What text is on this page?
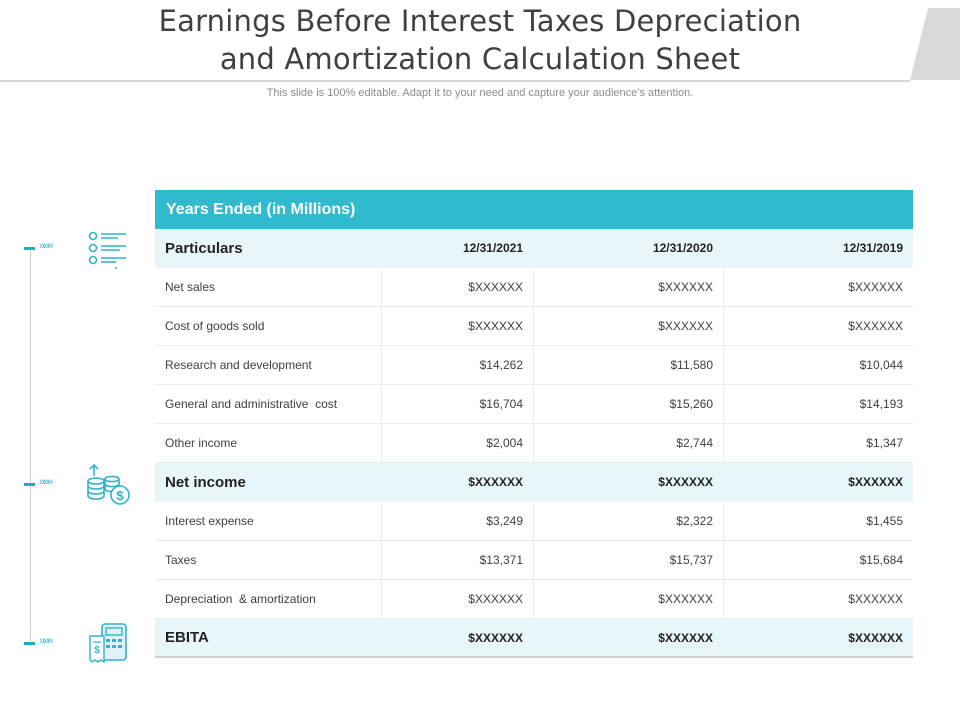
Earnings Before Interest Taxes Depreciation
and Amortization Calculation Sheet
This slide is 100% editable. Adapt it to your need and capture your audience’s attention.
»»»
»»»
»»»
$
$
Years Ended (in Millions)
Particulars	12/31/2021	12/31/2020	12/31/2019
Net sales	$XXXXXX	$XXXXXX	$XXXXXX
Cost of goods sold	$XXXXXX	$XXXXXX	$XXXXXX
Research and development	$14,262	$11,580	$10,044
General and administrative  cost	$16,704	$15,260	$14,193
Other income	$2,004	$2,744	$1,347
Net income	$XXXXXX	$XXXXXX	$XXXXXX
Interest expense	$3,249	$2,322	$1,455
Taxes	$13,371	$15,737	$15,684
Depreciation  & amortization	$XXXXXX	$XXXXXX	$XXXXXX
EBITA	$XXXXXX	$XXXXXX	$XXXXXX
